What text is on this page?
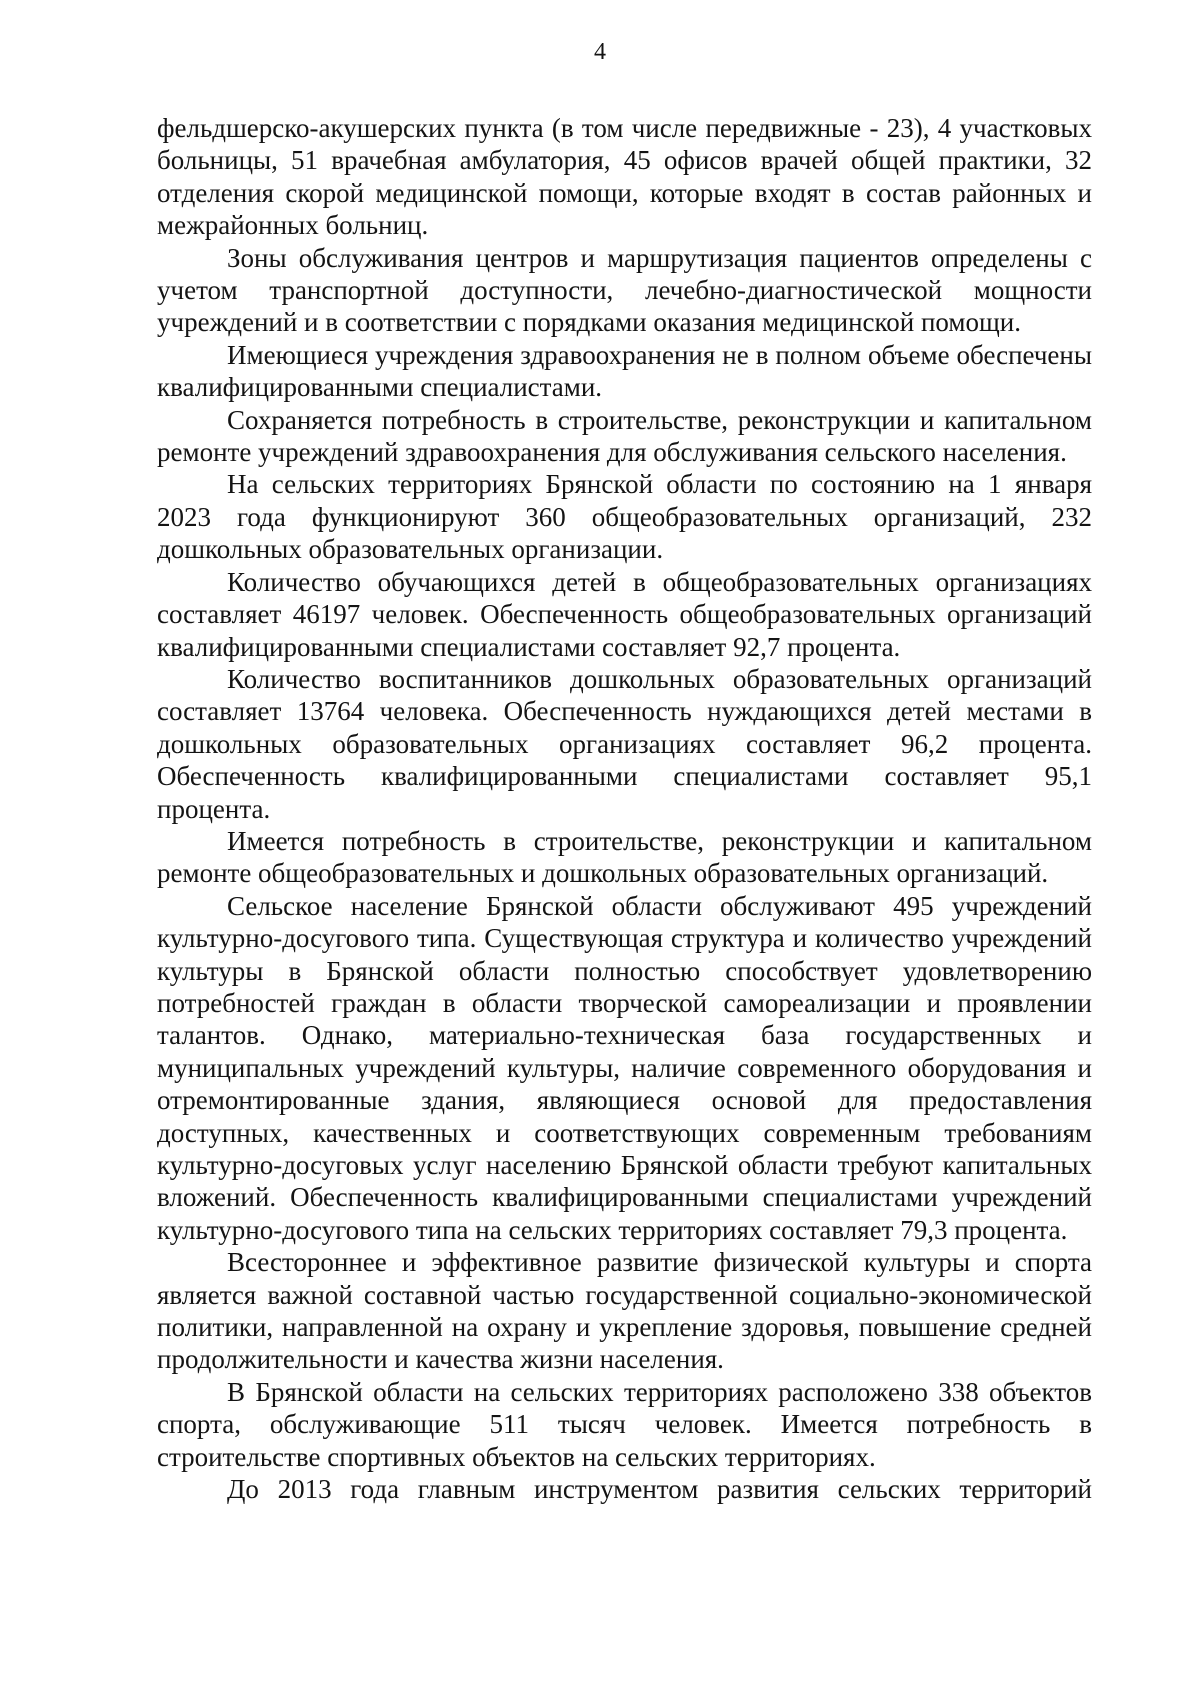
4

фельдшерско-акушерских пункта (в том числе передвижные - 23), 4 участковых больницы, 51 врачебная амбулатория, 45 офисов врачей общей практики, 32 отделения скорой медицинской помощи, которые входят в состав районных и межрайонных больниц.

Зоны обслуживания центров и маршрутизация пациентов определены с учетом транспортной доступности, лечебно-диагностической мощности учреждений и в соответствии с порядками оказания медицинской помощи.

Имеющиеся учреждения здравоохранения не в полном объеме обеспечены квалифицированными специалистами.

Сохраняется потребность в строительстве, реконструкции и капитальном ремонте учреждений здравоохранения для обслуживания сельского населения.

На сельских территориях Брянской области по состоянию на 1 января 2023 года функционируют 360 общеобразовательных организаций, 232 дошкольных образовательных организации.

Количество обучающихся детей в общеобразовательных организациях составляет 46197 человек. Обеспеченность общеобразовательных организаций квалифицированными специалистами составляет 92,7 процента.

Количество воспитанников дошкольных образовательных организаций составляет 13764 человека. Обеспеченность нуждающихся детей местами в дошкольных образовательных организациях составляет 96,2 процента. Обеспеченность квалифицированными специалистами составляет 95,1 процента.

Имеется потребность в строительстве, реконструкции и капитальном ремонте общеобразовательных и дошкольных образовательных организаций.

Сельское население Брянской области обслуживают 495 учреждений культурно-досугового типа. Существующая структура и количество учреждений культуры в Брянской области полностью способствует удовлетворению потребностей граждан в области творческой самореализации и проявлении талантов. Однако, материально-техническая база государственных и муниципальных учреждений культуры, наличие современного оборудования и отремонтированные здания, являющиеся основой для предоставления доступных, качественных и соответствующих современным требованиям культурно-досуговых услуг населению Брянской области требуют капитальных вложений. Обеспеченность квалифицированными специалистами учреждений культурно-досугового типа на сельских территориях составляет 79,3 процента.

Всестороннее и эффективное развитие физической культуры и спорта является важной составной частью государственной социально-экономической политики, направленной на охрану и укрепление здоровья, повышение средней продолжительности и качества жизни населения.

В Брянской области на сельских территориях расположено 338 объектов спорта, обслуживающие 511 тысяч человек. Имеется потребность в строительстве спортивных объектов на сельских территориях.

До 2013 года главным инструментом развития сельских территорий
